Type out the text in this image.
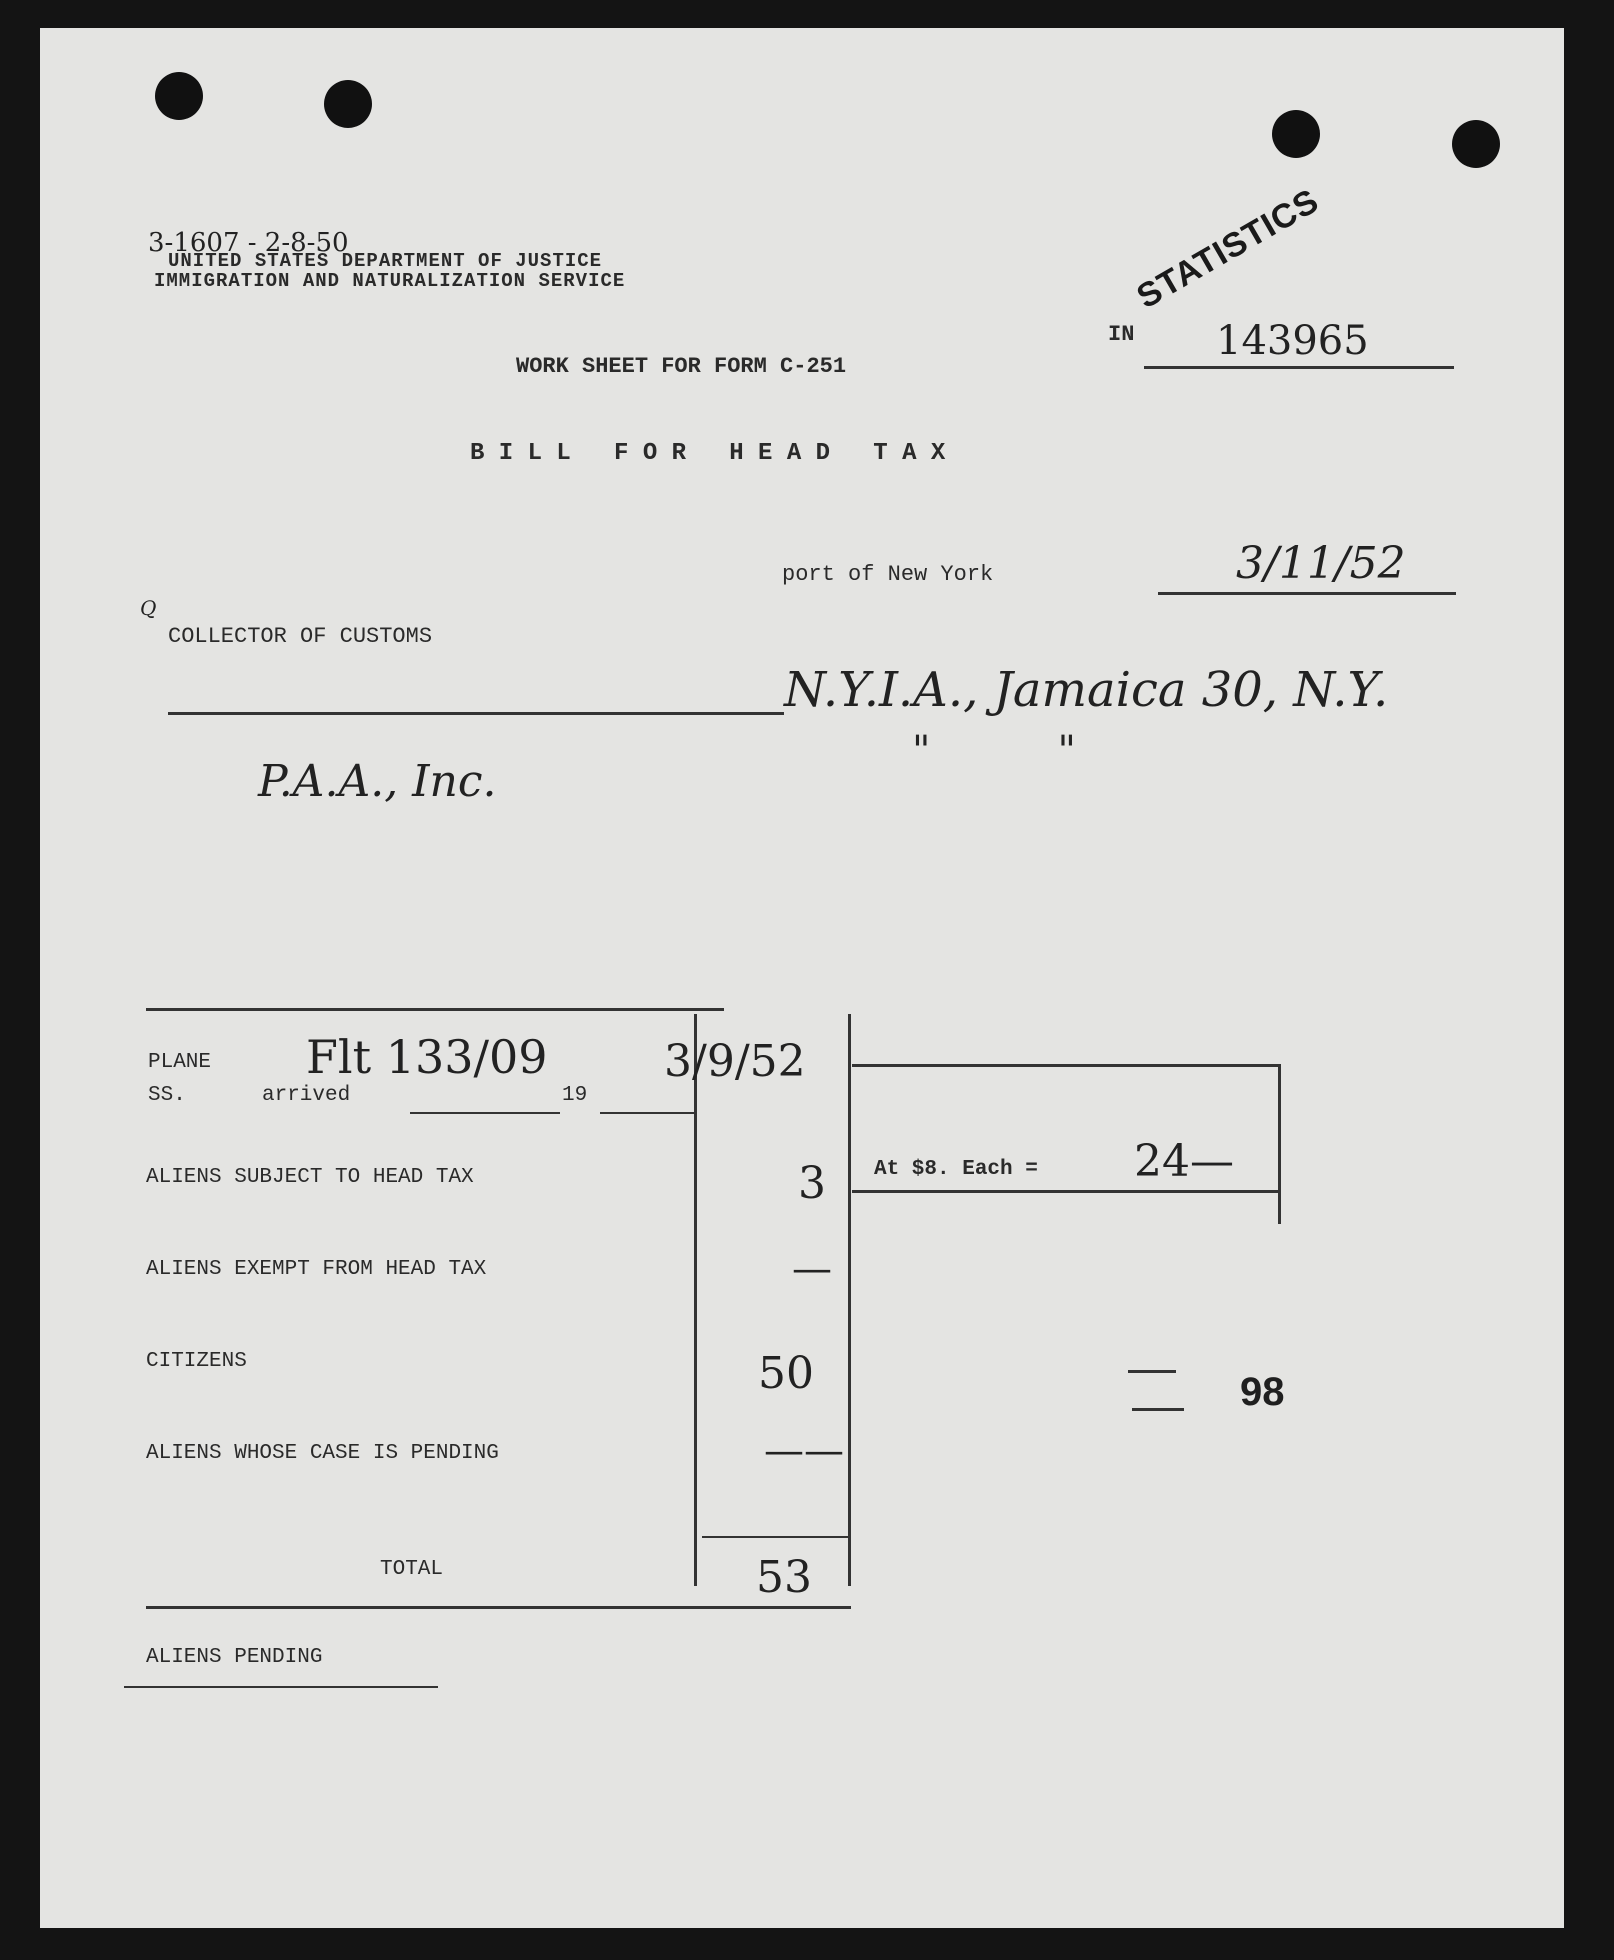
3-1607 - 2-8-50
UNITED STATES DEPARTMENT OF JUSTICE
IMMIGRATION AND NATURALIZATION SERVICE	STATISTICS
IN 143965
WORK SHEET FOR FORM C-251
B I L L   F O R   H E A D   T A X
port of New York	3/11/52
Q
COLLECTOR OF CUSTOMS
N.Y.I.A., Jamaica 30, N.Y.
"          "
P.A.A., Inc.
PLANE
SS.	arrived
Flt 133/09
19
3/9/52
ALIENS SUBJECT TO HEAD TAX	3
ALIENS EXEMPT FROM HEAD TAX	—
CITIZENS	50
ALIENS WHOSE CASE IS PENDING	——
TOTAL	53
At $8. Each = 24—
98
ALIENS PENDING
